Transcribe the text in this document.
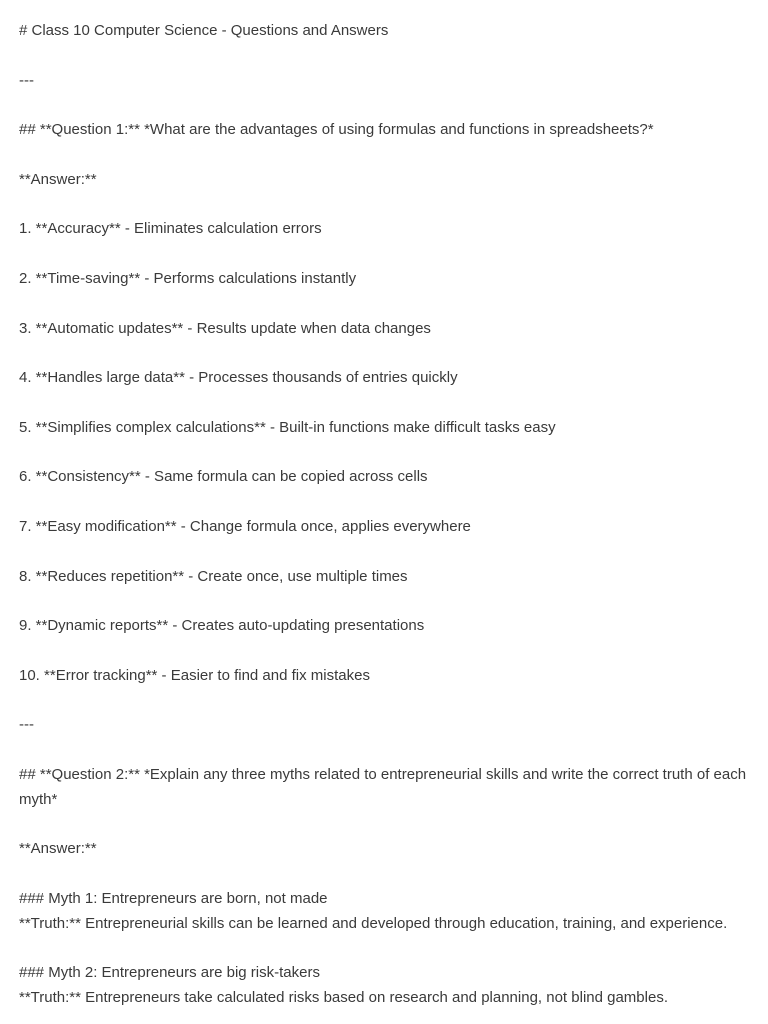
# Class 10 Computer Science - Questions and Answers

---

## **Question 1:** *What are the advantages of using formulas and functions in spreadsheets?*

**Answer:**

1. **Accuracy** - Eliminates calculation errors

2. **Time-saving** - Performs calculations instantly

3. **Automatic updates** - Results update when data changes

4. **Handles large data** - Processes thousands of entries quickly

5. **Simplifies complex calculations** - Built-in functions make difficult tasks easy

6. **Consistency** - Same formula can be copied across cells

7. **Easy modification** - Change formula once, applies everywhere

8. **Reduces repetition** - Create once, use multiple times

9. **Dynamic reports** - Creates auto-updating presentations

10. **Error tracking** - Easier to find and fix mistakes

---

## **Question 2:** *Explain any three myths related to entrepreneurial skills and write the correct truth of each myth*

**Answer:**

### Myth 1: Entrepreneurs are born, not made

**Truth:** Entrepreneurial skills can be learned and developed through education, training, and experience.

### Myth 2: Entrepreneurs are big risk-takers

**Truth:** Entrepreneurs take calculated risks based on research and planning, not blind gambles.
